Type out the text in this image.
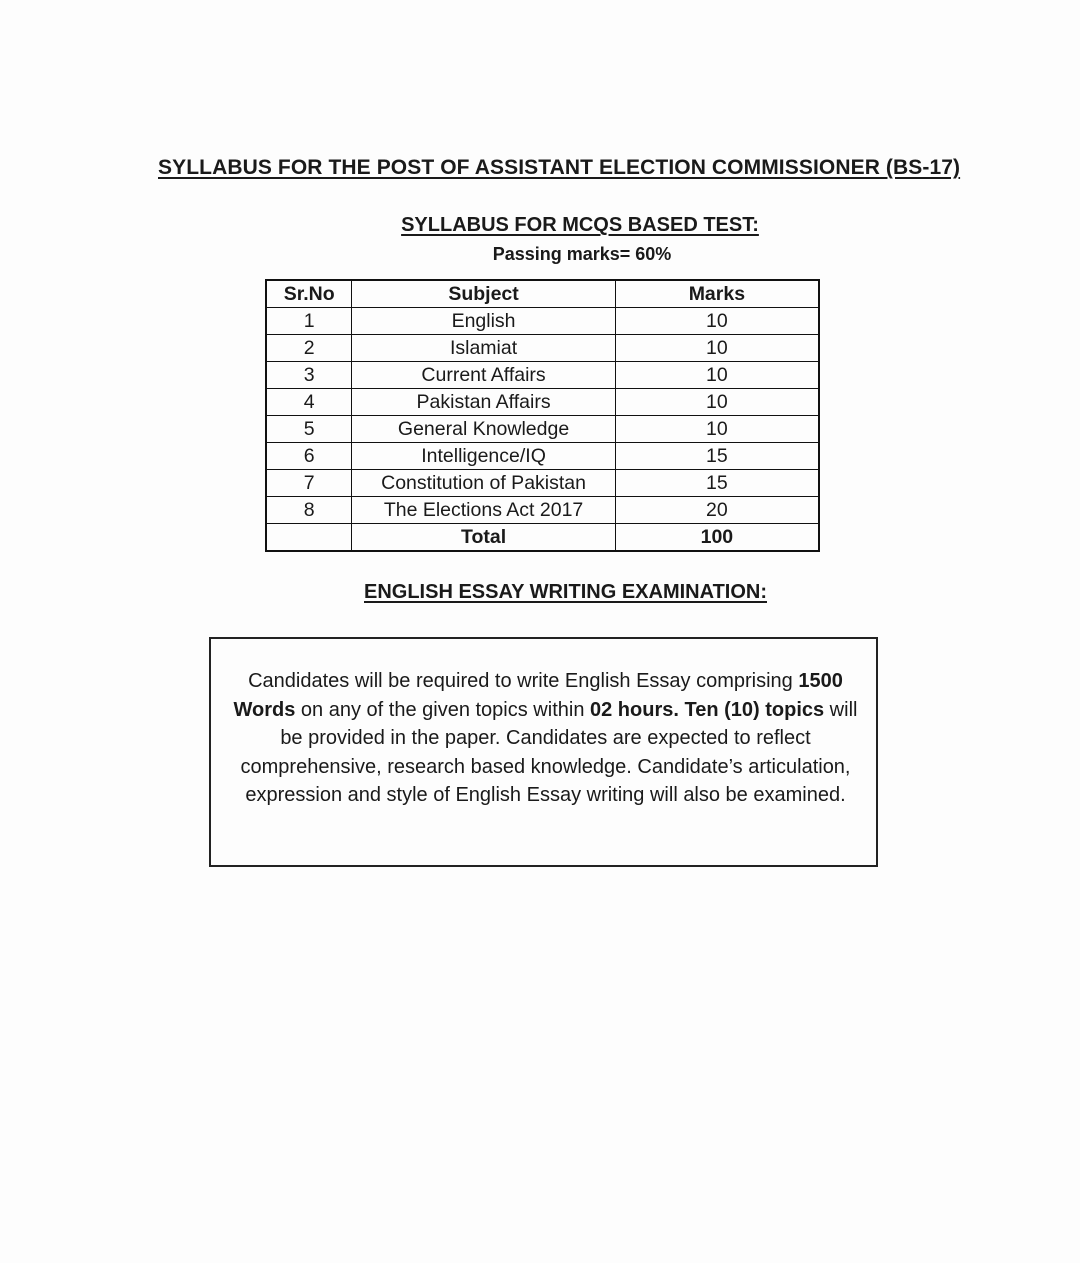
SYLLABUS FOR THE POST OF ASSISTANT ELECTION COMMISSIONER (BS-17)
SYLLABUS FOR MCQS BASED TEST:
Passing marks= 60%
Sr.No	Subject	Marks
1	English	10
2	Islamiat	10
3	Current Affairs	10
4	Pakistan Affairs	10
5	General Knowledge	10
6	Intelligence/IQ	15
7	Constitution of Pakistan	15
8	The Elections Act 2017	20
	Total	100
ENGLISH ESSAY WRITING EXAMINATION:
Candidates will be required to write English Essay comprising 1500 Words on any of the given topics within 02 hours. Ten (10) topics will be provided in the paper. Candidates are expected to reflect comprehensive, research based knowledge. Candidate’s articulation, expression and style of English Essay writing will also be examined.
